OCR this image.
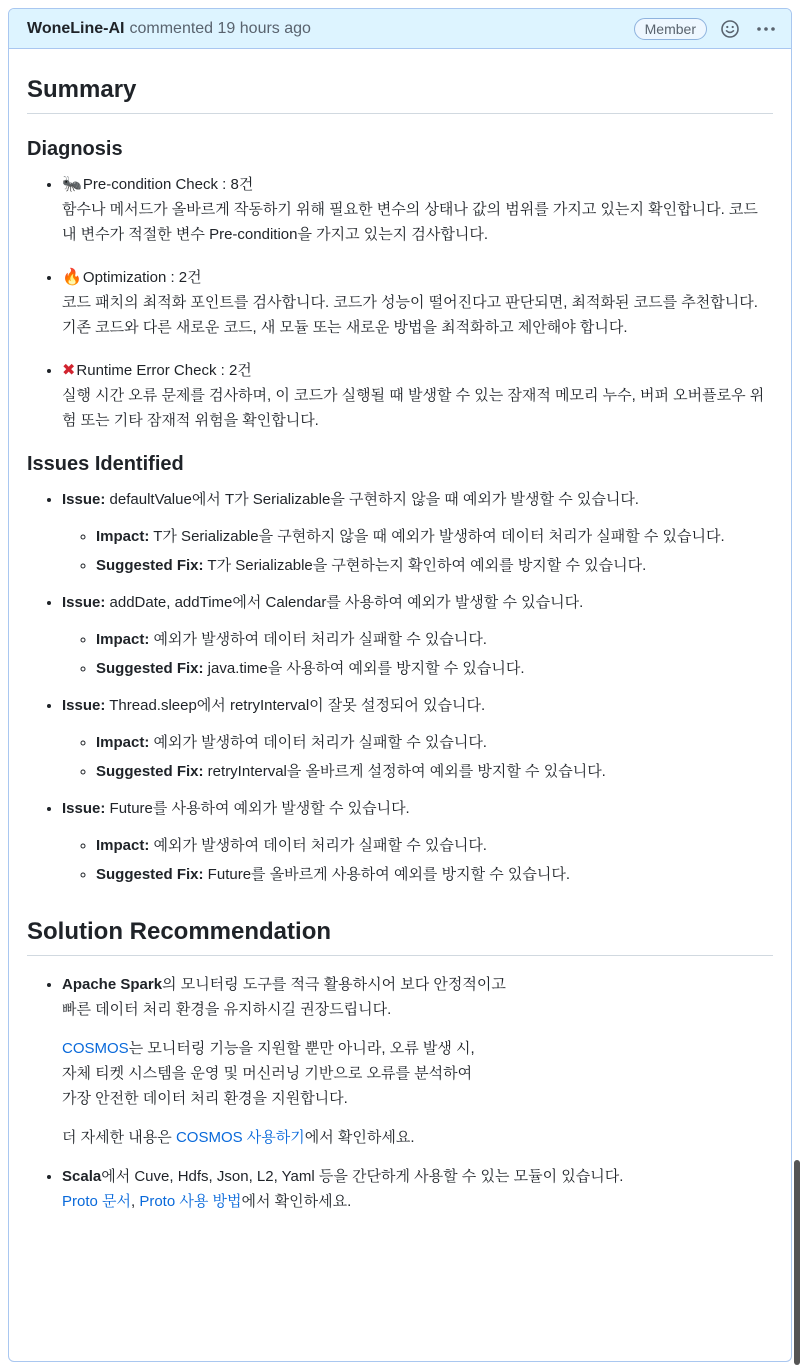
WoneLine-AI commented 19 hours ago	Member
Summary
Diagnosis
• 🐜Pre-condition Check : 8건
함수나 메서드가 올바르게 작동하기 위해 필요한 변수의 상태나 값의 범위를 가지고 있는지 확인합니다. 코드 내 변수가 적절한 변수 Pre-condition을 가지고 있는지 검사합니다.
• 🔥Optimization : 2건
코드 패치의 최적화 포인트를 검사합니다. 코드가 성능이 떨어진다고 판단되면, 최적화된 코드를 추천합니다. 기존 코드와 다른 새로운 코드, 새 모듈 또는 새로운 방법을 최적화하고 제안해야 합니다.
• ✖Runtime Error Check : 2건
실행 시간 오류 문제를 검사하며, 이 코드가 실행될 때 발생할 수 있는 잠재적 메모리 누수, 버퍼 오버플로우 위험 또는 기타 잠재적 위험을 확인합니다.
Issues Identified
• Issue: defaultValue에서 T가 Serializable을 구현하지 않을 때 예외가 발생할 수 있습니다.
◦ Impact: T가 Serializable을 구현하지 않을 때 예외가 발생하여 데이터 처리가 실패할 수 있습니다.
◦ Suggested Fix: T가 Serializable을 구현하는지 확인하여 예외를 방지할 수 있습니다.
• Issue: addDate, addTime에서 Calendar를 사용하여 예외가 발생할 수 있습니다.
◦ Impact: 예외가 발생하여 데이터 처리가 실패할 수 있습니다.
◦ Suggested Fix: java.time을 사용하여 예외를 방지할 수 있습니다.
• Issue: Thread.sleep에서 retryInterval이 잘못 설정되어 있습니다.
◦ Impact: 예외가 발생하여 데이터 처리가 실패할 수 있습니다.
◦ Suggested Fix: retryInterval을 올바르게 설정하여 예외를 방지할 수 있습니다.
• Issue: Future를 사용하여 예외가 발생할 수 있습니다.
◦ Impact: 예외가 발생하여 데이터 처리가 실패할 수 있습니다.
◦ Suggested Fix: Future를 올바르게 사용하여 예외를 방지할 수 있습니다.
Solution Recommendation
• Apache Spark의 모니터링 도구를 적극 활용하시어 보다 안정적이고
빠른 데이터 처리 환경을 유지하시길 권장드립니다.

COSMOS는 모니터링 기능을 지원할 뿐만 아니라, 오류 발생 시,
자체 티켓 시스템을 운영 및 머신러닝 기반으로 오류를 분석하여
가장 안전한 데이터 처리 환경을 지원합니다.

더 자세한 내용은 COSMOS 사용하기에서 확인하세요.

• Scala에서 Cuve, Hdfs, Json, L2, Yaml 등을 간단하게 사용할 수 있는 모듈이 있습니다.
Proto 문서, Proto 사용 방법에서 확인하세요.
